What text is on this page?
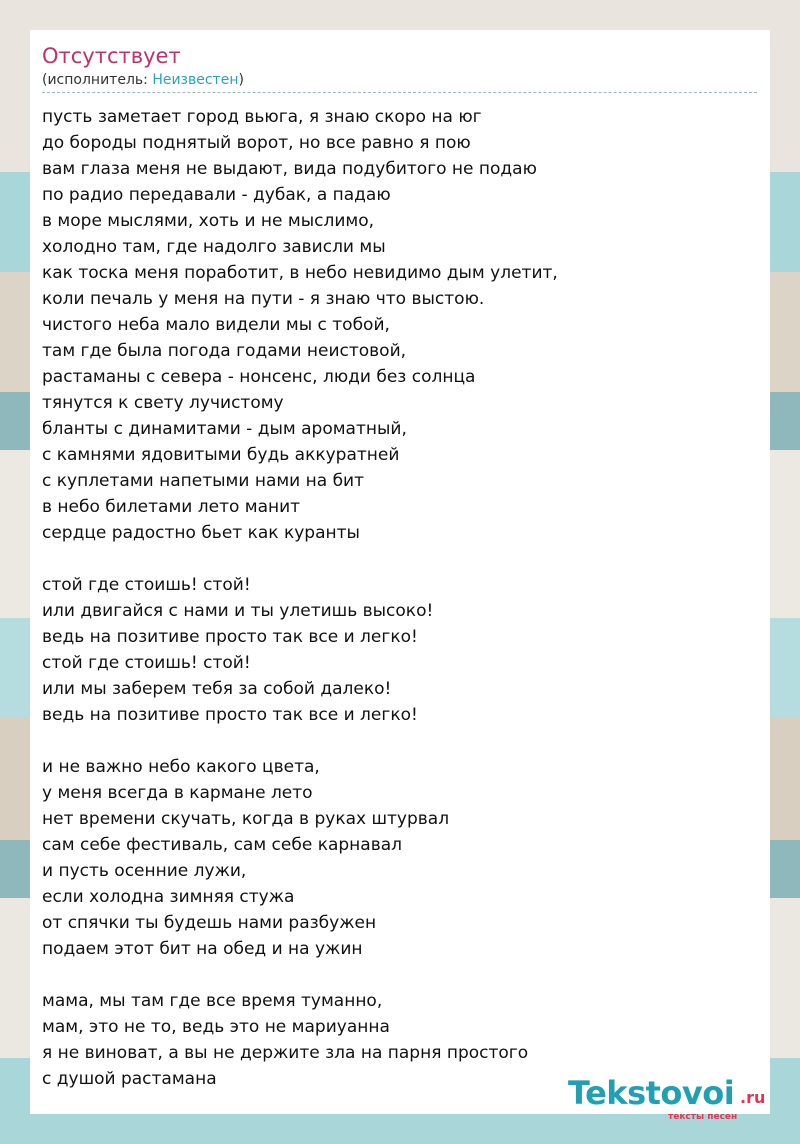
Отсутствует
(исполнитель: Неизвестен)
пусть заметает город вьюга, я знаю скоро на юг
до бороды поднятый ворот, но все равно я пою
вам глаза меня не выдают, вида подубитого не подаю
по радио передавали - дубак, а падаю
в море мыслями, хоть и не мыслимо,
холодно там, где надолго зависли мы
как тоска меня поработит, в небо невидимо дым улетит,
коли печаль у меня на пути - я знаю что выстою.
чистого неба мало видели мы с тобой,
там где была погода годами неистовой,
растаманы с севера - нонсенс, люди без солнца
тянутся к свету лучистому
бланты с динамитами - дым ароматный,
с камнями ядовитыми будь аккуратней
с куплетами напетыми нами на бит
в небо билетами лето манит
сердце радостно бьет как куранты
стой где стоишь! стой!
или двигайся с нами и ты улетишь высоко!
ведь на позитиве просто так все и легко!
стой где стоишь! стой!
или мы заберем тебя за собой далеко!
ведь на позитиве просто так все и легко!
и не важно небо какого цвета,
у меня всегда в кармане лето
нет времени скучать, когда в руках штурвал
сам себе фестиваль, сам себе карнавал
и пусть осенние лужи,
если холодна зимняя стужа
от спячки ты будешь нами разбужен
подаем этот бит на обед и на ужин
мама, мы там где все время туманно,
мам, это не то, ведь это не мариуанна
я не виноват, а вы не держите зла на парня простого
с душой растамана	Tekstovoi .ru
тексты песен
